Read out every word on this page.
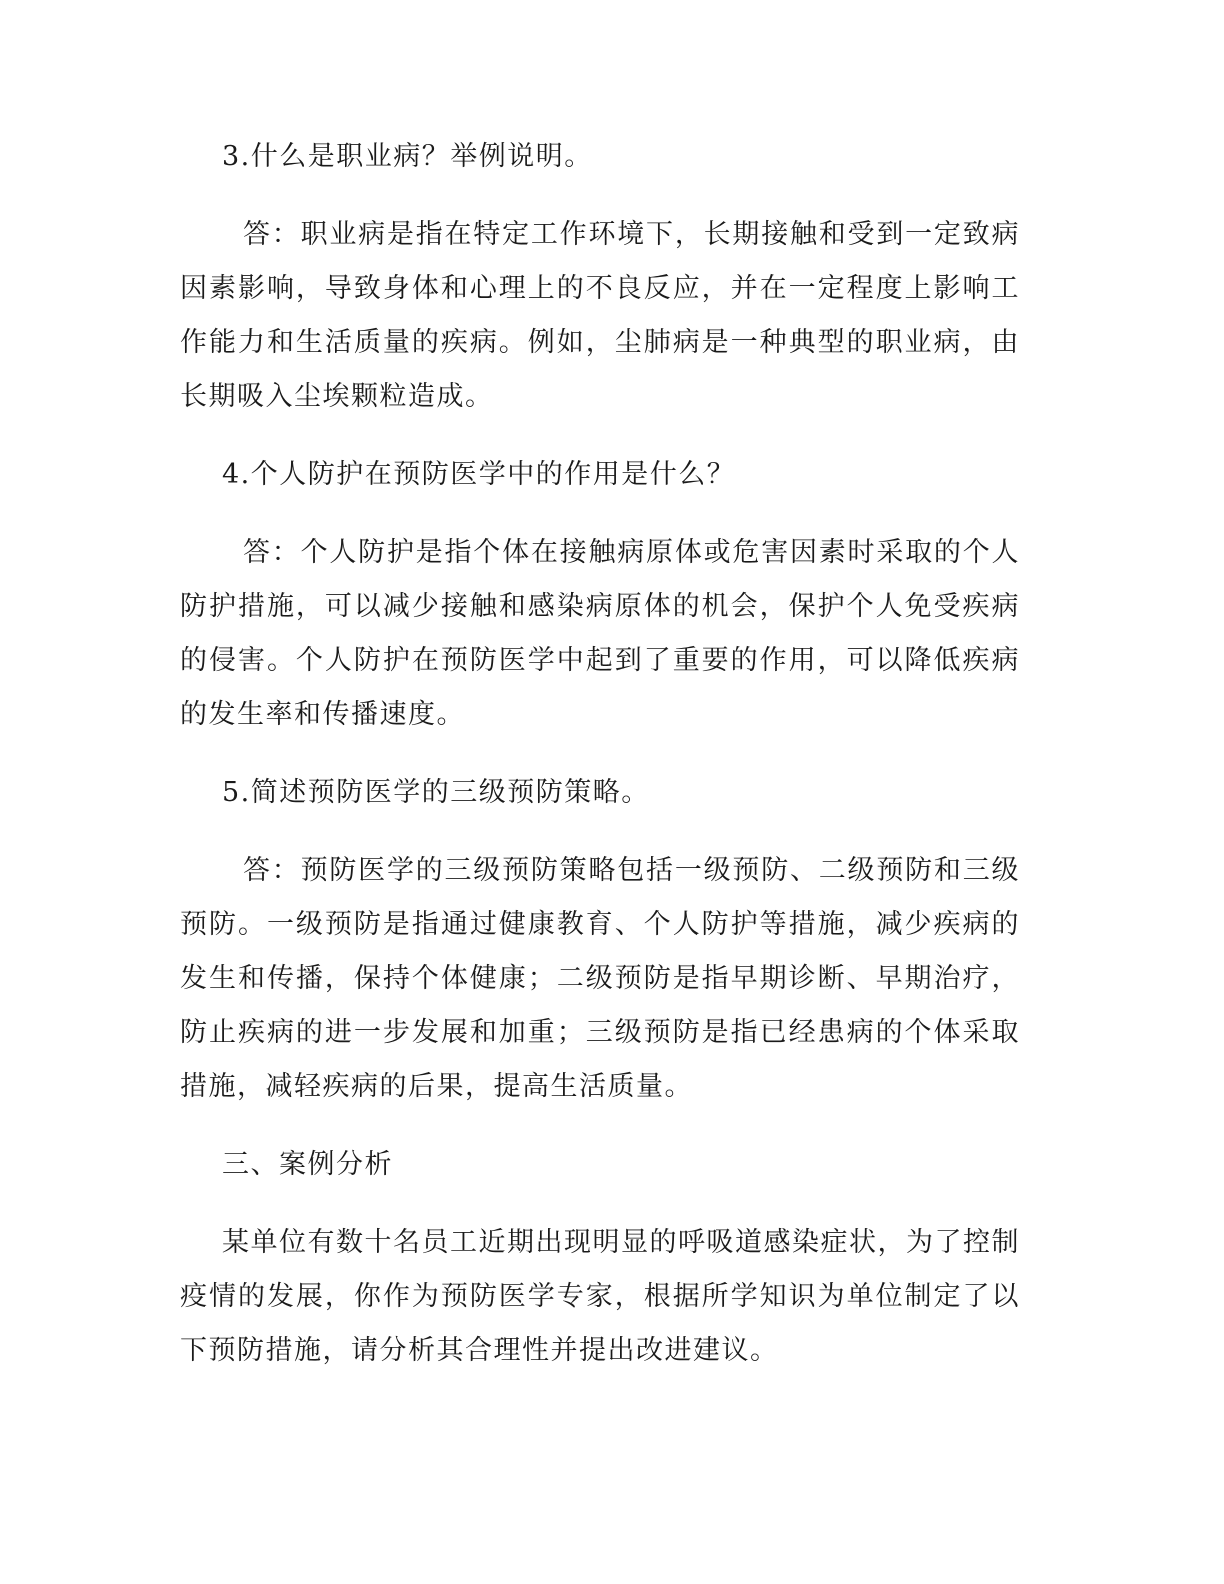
3.什么是职业病？举例说明。

答：职业病是指在特定工作环境下，长期接触和受到一定致病因素影响，导致身体和心理上的不良反应，并在一定程度上影响工作能力和生活质量的疾病。例如，尘肺病是一种典型的职业病，由长期吸入尘埃颗粒造成。

4.个人防护在预防医学中的作用是什么？

答：个人防护是指个体在接触病原体或危害因素时采取的个人防护措施，可以减少接触和感染病原体的机会，保护个人免受疾病的侵害。个人防护在预防医学中起到了重要的作用，可以降低疾病的发生率和传播速度。

5.简述预防医学的三级预防策略。

答：预防医学的三级预防策略包括一级预防、二级预防和三级预防。一级预防是指通过健康教育、个人防护等措施，减少疾病的发生和传播，保持个体健康；二级预防是指早期诊断、早期治疗，防止疾病的进一步发展和加重；三级预防是指已经患病的个体采取措施，减轻疾病的后果，提高生活质量。

三、案例分析

某单位有数十名员工近期出现明显的呼吸道感染症状，为了控制疫情的发展，你作为预防医学专家，根据所学知识为单位制定了以下预防措施，请分析其合理性并提出改进建议。
